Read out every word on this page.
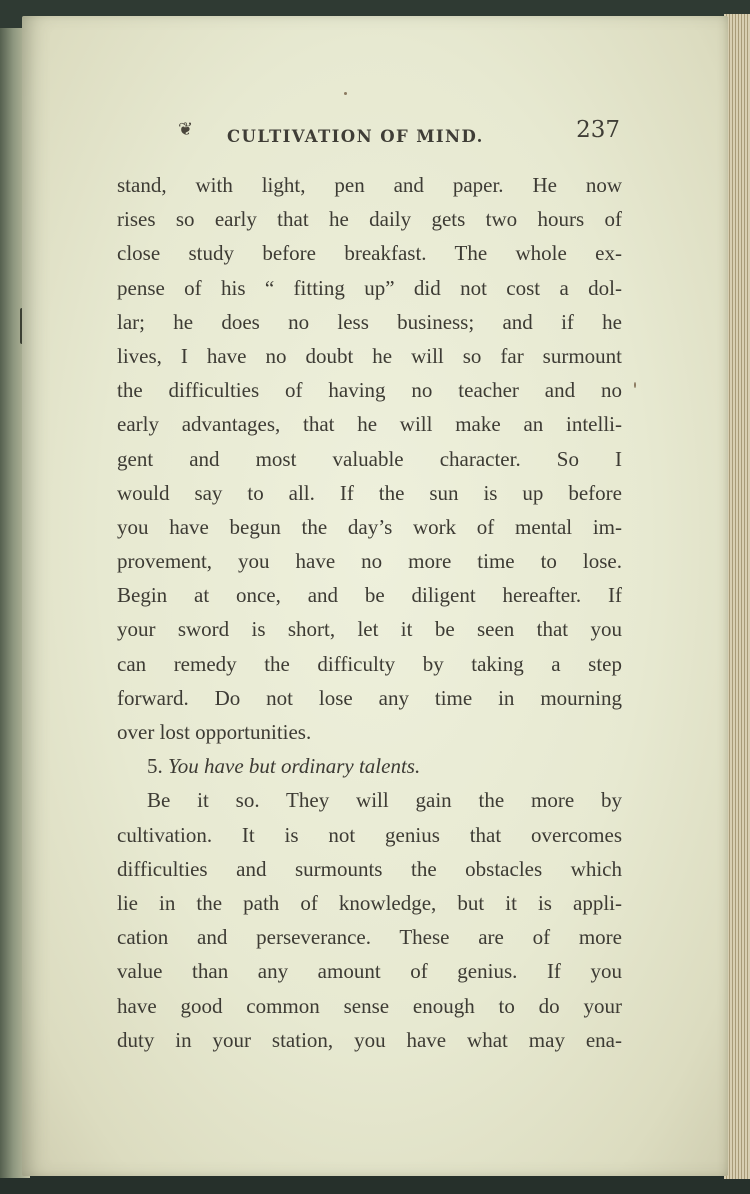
❦ CULTIVATION OF MIND.	237
stand, with light, pen and paper. He now
rises so early that he daily gets two hours of
close study before breakfast. The whole ex-
pense of his “ fitting up” did not cost a dol-
lar; he does no less business; and if he
lives, I have no doubt he will so far surmount
the difficulties of having no teacher and no
early advantages, that he will make an intelli-
gent and most valuable character. So I
would say to all. If the sun is up before
you have begun the day’s work of mental im-
provement, you have no more time to lose.
Begin at once, and be diligent hereafter. If
your sword is short, let it be seen that you
can remedy the difficulty by taking a step
forward. Do not lose any time in mourning
over lost opportunities.
5. You have but ordinary talents.
Be it so. They will gain the more by
cultivation. It is not genius that overcomes
difficulties and surmounts the obstacles which
lie in the path of knowledge, but it is appli-
cation and perseverance. These are of more
value than any amount of genius. If you
have good common sense enough to do your
duty in your station, you have what may ena-
